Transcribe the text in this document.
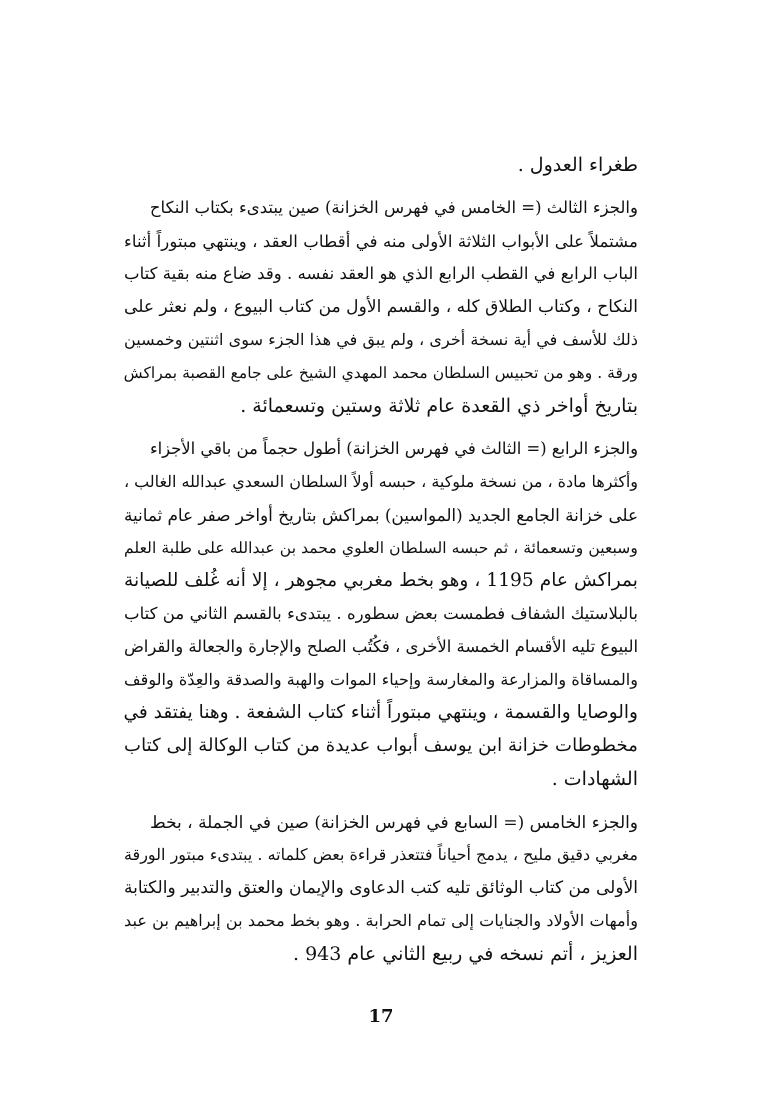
طغراء العدول .
والجزء الثالث (= الخامس في فهرس الخزانة) صين يبتدىء بكتاب النكاح
مشتملاً على الأبواب الثلاثة الأولى منه في أقطاب العقد ، وينتهي مبتوراً أثناء
الباب الرابع في القطب الرابع الذي هو العقد نفسه . وقد ضاع منه بقية كتاب
النكاح ، وكتاب الطلاق كله ، والقسم الأول من كتاب البيوع ، ولم نعثر على
ذلك للأسف في أية نسخة أخرى ، ولم يبق في هذا الجزء سوى اثنتين وخمسين
ورقة . وهو من تحبيس السلطان محمد المهدي الشيخ على جامع القصبة بمراكش
بتاريخ أواخر ذي القعدة عام ثلاثة وستين وتسعمائة .
والجزء الرابع (= الثالث في فهرس الخزانة) أطول حجماً من باقي الأجزاء
وأكثرها مادة ، من نسخة ملوكية ، حبسه أولاً السلطان السعدي عبدالله الغالب ،
على خزانة الجامع الجديد (المواسين) بمراكش بتاريخ أواخر صفر عام ثمانية
وسبعين وتسعمائة ، ثم حبسه السلطان العلوي محمد بن عبدالله على طلبة العلم
بمراكش عام 1195 ، وهو بخط مغربي مجوهر ، إلا أنه غُلف للصيانة
بالبلاستيك الشفاف فطمست بعض سطوره . يبتدىء بالقسم الثاني من كتاب
البيوع تليه الأقسام الخمسة الأخرى ، فكُتُب الصلح والإجارة والجعالة والقراض
والمساقاة والمزارعة والمغارسة وإحياء الموات والهبة والصدقة والعِدّة والوقف
والوصايا والقسمة ، وينتهي مبتوراً أثناء كتاب الشفعة . وهنا يفتقد في
مخطوطات خزانة ابن يوسف أبواب عديدة من كتاب الوكالة إلى كتاب
الشهادات .
والجزء الخامس (= السابع في فهرس الخزانة) صين في الجملة ، بخط
مغربي دقيق مليح ، يدمج أحياناً فتتعذر قراءة بعض كلماته . يبتدىء مبتور الورقة
الأولى من كتاب الوثائق تليه كتب الدعاوى والإيمان والعتق والتدبير والكتابة
وأمهات الأولاد والجنايات إلى تمام الحرابة . وهو بخط محمد بن إبراهيم بن عبد
العزيز ، أتم نسخه في ربيع الثاني عام 943 .
17
